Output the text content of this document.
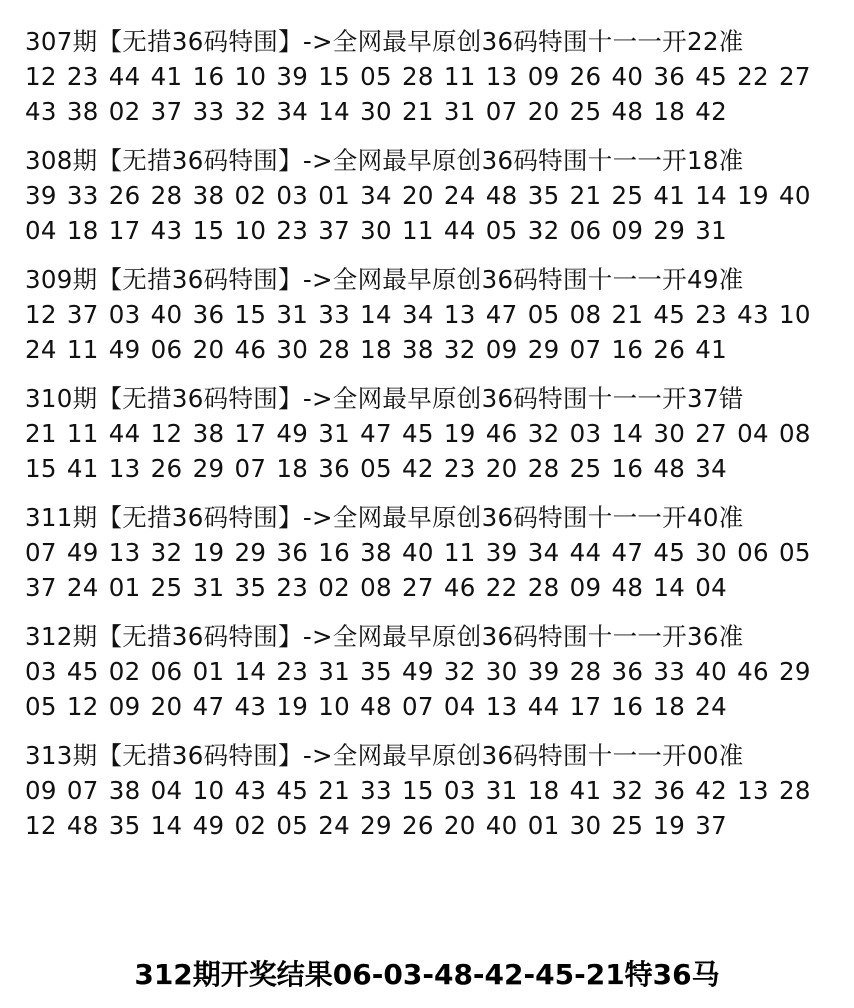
307期【无措36码特围】->全网最早原创36码特围十一一开22准
12 23 44 41 16 10 39 15 05 28 11 13 09 26 40 36 45 22 27
43 38 02 37 33 32 34 14 30 21 31 07 20 25 48 18 42
308期【无措36码特围】->全网最早原创36码特围十一一开18准
39 33 26 28 38 02 03 01 34 20 24 48 35 21 25 41 14 19 40
04 18 17 43 15 10 23 37 30 11 44 05 32 06 09 29 31
309期【无措36码特围】->全网最早原创36码特围十一一开49准
12 37 03 40 36 15 31 33 14 34 13 47 05 08 21 45 23 43 10
24 11 49 06 20 46 30 28 18 38 32 09 29 07 16 26 41
310期【无措36码特围】->全网最早原创36码特围十一一开37错
21 11 44 12 38 17 49 31 47 45 19 46 32 03 14 30 27 04 08
15 41 13 26 29 07 18 36 05 42 23 20 28 25 16 48 34
311期【无措36码特围】->全网最早原创36码特围十一一开40准
07 49 13 32 19 29 36 16 38 40 11 39 34 44 47 45 30 06 05
37 24 01 25 31 35 23 02 08 27 46 22 28 09 48 14 04
312期【无措36码特围】->全网最早原创36码特围十一一开36准
03 45 02 06 01 14 23 31 35 49 32 30 39 28 36 33 40 46 29
05 12 09 20 47 43 19 10 48 07 04 13 44 17 16 18 24
313期【无措36码特围】->全网最早原创36码特围十一一开00准
09 07 38 04 10 43 45 21 33 15 03 31 18 41 32 36 42 13 28
12 48 35 14 49 02 05 24 29 26 20 40 01 30 25 19 37
312期开奖结果06-03-48-42-45-21特36马
